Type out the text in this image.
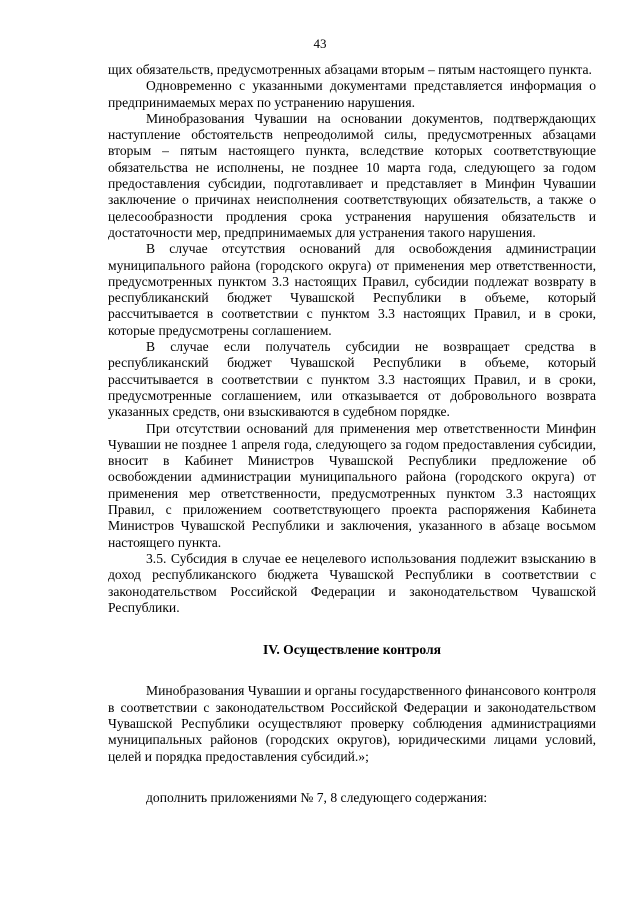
43

щих обязательств, предусмотренных абзацами вторым – пятым настоящего пункта.

Одновременно с указанными документами представляется информация о предпринимаемых мерах по устранению нарушения.

Минобразования Чувашии на основании документов, подтверждающих наступление обстоятельств непреодолимой силы, предусмотренных абзацами вторым – пятым настоящего пункта, вследствие которых соответствующие обязательства не исполнены, не позднее 10 марта года, следующего за годом предоставления субсидии, подготавливает и представляет в Минфин Чувашии заключение о причинах неисполнения соответствующих обязательств, а также о целесообразности продления срока устранения нарушения обязательств и достаточности мер, предпринимаемых для устранения такого нарушения.

В случае отсутствия оснований для освобождения администрации муниципального района (городского округа) от применения мер ответственности, предусмотренных пунктом 3.3 настоящих Правил, субсидии подлежат возврату в республиканский бюджет Чувашской Республики в объеме, который рассчитывается в соответствии с пунктом 3.3 настоящих Правил, и в сроки, которые предусмотрены соглашением.

В случае если получатель субсидии не возвращает средства в республиканский бюджет Чувашской Республики в объеме, который рассчитывается в соответствии с пунктом 3.3 настоящих Правил, и в сроки, предусмотренные соглашением, или отказывается от добровольного возврата указанных средств, они взыскиваются в судебном порядке.

При отсутствии оснований для применения мер ответственности Минфин Чувашии не позднее 1 апреля года, следующего за годом предоставления субсидии, вносит в Кабинет Министров Чувашской Республики предложение об освобождении администрации муниципального района (городского округа) от применения мер ответственности, предусмотренных пунктом 3.3 настоящих Правил, с приложением соответствующего проекта распоряжения Кабинета Министров Чувашской Республики и заключения, указанного в абзаце восьмом настоящего пункта.

3.5. Субсидия в случае ее нецелевого использования подлежит взысканию в доход республиканского бюджета Чувашской Республики в соответствии с законодательством Российской Федерации и законодательством Чувашской Республики.

IV. Осуществление контроля

Минобразования Чувашии и органы государственного финансового контроля в соответствии с законодательством Российской Федерации и законодательством Чувашской Республики осуществляют проверку соблюдения администрациями муниципальных районов (городских округов), юридическими лицами условий, целей и порядка предоставления субсидий.»;

дополнить приложениями № 7, 8 следующего содержания:
